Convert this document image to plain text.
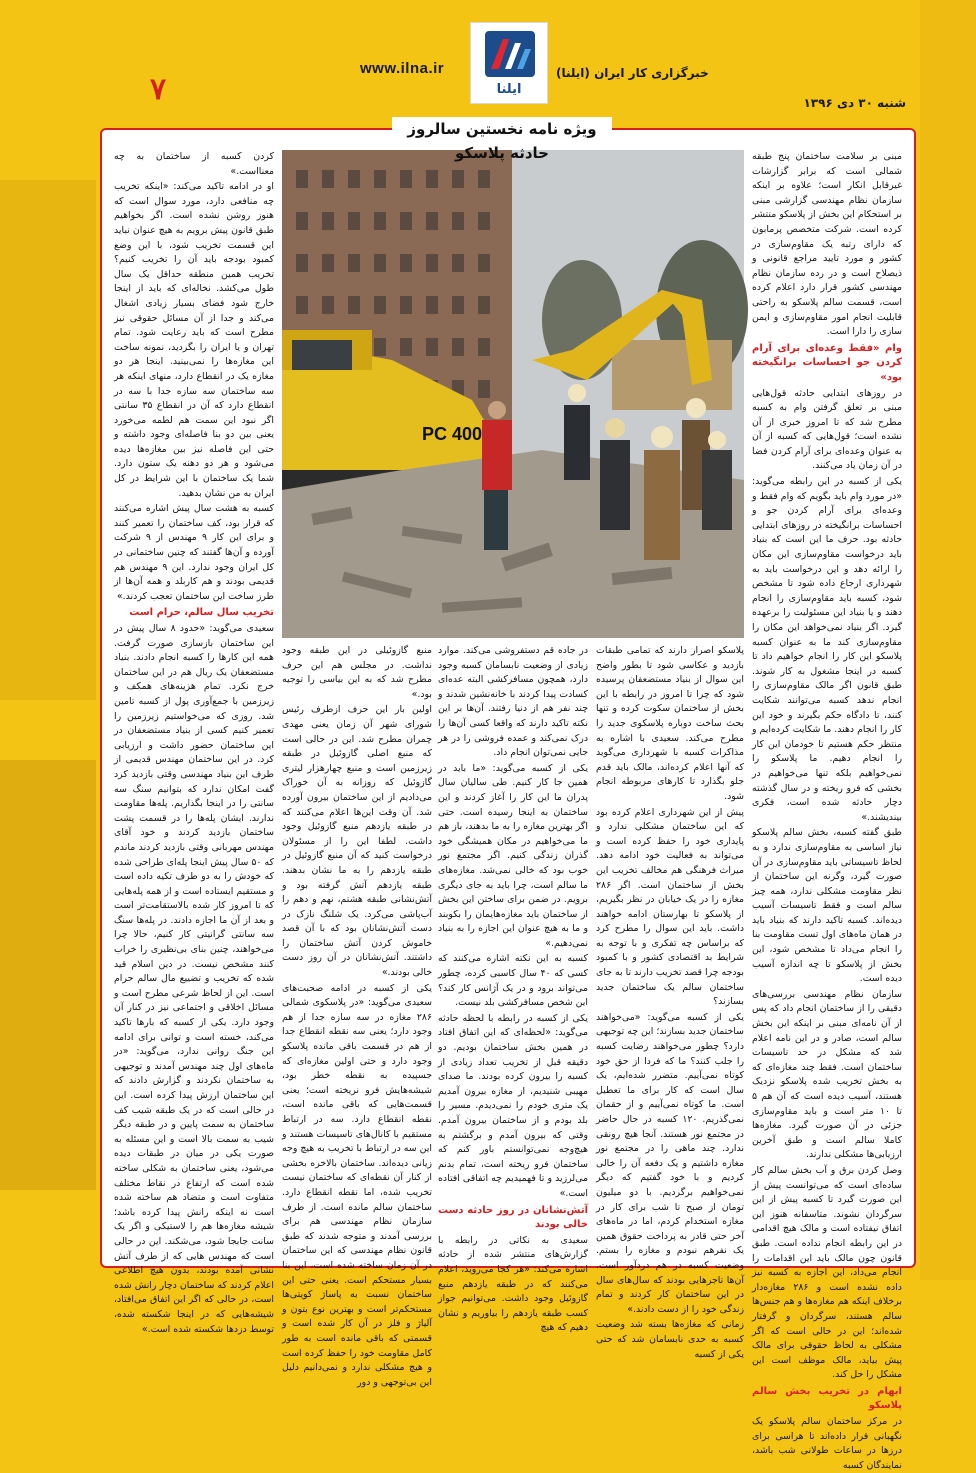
۷
www.ilna.ir
ایلنا
خبرگزاری کار ایران (ایلنا)
شنبه ۳۰ دی ۱۳۹۶
ویژه نامه نخستین سالروز حادثه پلاسکو
PC 400

مبنی بر سلامت ساختمان پنج طبقه شمالی است که برابر گزارشات غیرقابل انکار است؛ علاوه بر اینکه سازمان نظام مهندسی گزارشی مبنی بر استحکام این بخش از پلاسکو منتشر کرده است. شرکت متخصص پرمابون که دارای رتبه یک مقاوم‌سازی در کشور و مورد تایید مراجع قانونی و ذیصلاح است و در رده سازمان نظام مهندسی کشور قرار دارد اعلام کرده است، قسمت سالم پلاسکو به راحتی قابلیت انجام امور مقاوم‌سازی و ایمن سازی را دارا است.

وام «فقط وعده‌ای برای آرام کردن جو احساسات برانگیخته بود»

در روزهای ابتدایی حادثه قول‌هایی مبنی بر تعلق گرفتن وام به کسبه مطرح شد که تا امروز خبری از آن نشده است؛ قول‌هایی که کسبه از آن به عنوان وعده‌ای برای آرام کردن فضا در آن زمان یاد می‌کنند.

یکی از کسبه در این رابطه می‌گوید: «در مورد وام باید بگویم که وام فقط و وعده‌ای برای آرام کردن جو و احساسات برانگیخته در روزهای ابتدایی حادثه بود. حرف ما این است که بنیاد باید درخواست مقاوم‌سازی این مکان را ارائه دهد و این درخواست باید به شهرداری ارجاع داده شود تا مشخص شود، کسبه باید مقاوم‌سازی را انجام دهند و یا بنیاد این مسئولیت را برعهده گیرد. اگر بنیاد نمی‌خواهد این مکان را مقاوم‌سازی کند ما به عنوان کسبه پلاسکو این کار را انجام خواهیم داد تا کسبه در اینجا مشغول به کار شوند. طبق قانون اگر مالک مقاوم‌سازی را انجام ندهد کسبه می‌توانند شکایت کنند، تا دادگاه حکم بگیرند و خود این کار را انجام دهند. ما شکایت کرده‌ایم و منتظر حکم هستیم تا خودمان این کار را انجام دهیم. ما پلاسکو را نمی‌خواهیم بلکه تنها می‌خواهیم در بخشی که فرو ریخته و در سال گذشته دچار حادثه شده است، فکری بیندیشند.»

طبق گفته کسبه، بخش سالم پلاسکو نیاز اساسی به مقاوم‌سازی ندارد و به لحاظ تاسیساتی باید مقاوم‌سازی در آن صورت گیرد، وگرنه این ساختمان از نظر مقاومت مشکلی ندارد، همه چیز سالم است و فقط تاسیسات آسیب دیده‌اند. کسبه تاکید دارند که بنیاد باید در همان ماه‌های اول تست مقاومت بنا را انجام می‌داد تا مشخص شود، این بخش از پلاسکو تا چه اندازه آسیب دیده است.

سازمان نظام مهندسی بررسی‌های دقیقی را از ساختمان انجام داد که پس از آن نامه‌ای مبنی بر اینکه این بخش سالم است، صادر و در این نامه اعلام شد که مشکل در حد تاسیسات ساختمان است. فقط چند مغازه‌ای که به بخش تخریب شده پلاسکو نزدیک هستند، آسیب دیده است که آن هم ۵ تا ۱۰ متر است و باید مقاوم‌سازی جزئی در آن صورت گیرد. مغازه‌ها کاملا سالم است و طبق آخرین ارزیابی‌ها مشکلی ندارند.

وصل کردن برق و آب بخش سالم کار ساده‌ای است که می‌توانست پیش از این صورت گیرد تا کسبه پیش از این سرگردان نشوند. متاسفانه هنوز این اتفاق نیفتاده است و مالک هیچ اقدامی در این رابطه انجام نداده است. طبق قانون چون مالک باید این اقدامات را انجام می‌داد، این اجازه به کسبه نیز داده نشده است و ۲۸۶ مغازه‌دار برخلاف اینکه هم مغازه‌ها و هم جنس‌ها سالم هستند، سرگردان و گرفتار شده‌اند؛ این در حالی است که اگر مشکلی به لحاظ حقوقی برای مالک پیش بیاید، مالک موظف است این مشکل را حل کند.

ابهام در تخریب بخش سالم پلاسکو

در مرکز ساختمان سالم پلاسکو یک نگهبانی قرار داده‌اند تا هراسی برای درزها در ساعات طولانی شب باشد، نمایندگان کسبه

کردن کسبه از ساختمان به چه معنااست.»

او در ادامه تاکید می‌کند: «اینکه تخریب چه منافعی دارد، مورد سوال است که هنوز روشن نشده است. اگر بخواهیم طبق قانون پیش برویم به هیچ عنوان نباید این قسمت تخریب شود، با این وضع کمبود بودجه باید آن را تخریب کنیم؟ تخریب همین منطقه حداقل یک سال طول می‌کشد. نخاله‌ای که باید از اینجا خارج شود فضای بسیار زیادی اشغال می‌کند و جدا از آن مسائل حقوقی نیز مطرح است که باید رعایت شود. تمام تهران و یا ایران را بگردید، نمونه ساخت این مغازه‌ها را نمی‌بینید. اینجا هر دو مغازه یک در انقطاع دارد، منهای اینکه هر سه ساختمان سه سازه جدا با سه در انقطاع دارد که آن در انقطاع ۳۵ سانتی اگر نبود این سمت هم لطمه می‌خورد یعنی بین دو بنا فاصله‌ای وجود داشته و حتی این فاصله نیز بین مغازه‌ها دیده می‌شود و هر دو دهنه یک ستون دارد. شما یک ساختمان با این شرایط در کل ایران به من نشان بدهید.

کسبه به هشت سال پیش اشاره می‌کنند که قرار بود، کف ساختمان را تعمیر کنند و برای این کار ۹ مهندس از ۹ شرکت آورده و آن‌ها گفتند که چنین ساختمانی در کل ایران وجود ندارد. این ۹ مهندس هم قدیمی بودند و هم کاربلد و همه آن‌ها از طرز ساخت این ساختمان تعجب کردند.»

تخریب سال سالم، حرام است

سعیدی می‌گوید: «حدود ۸ سال پیش در این ساختمان بازسازی صورت گرفت. همه این کارها را کسبه انجام دادند. بنیاد مستضعفان یک ریال هم در این ساختمان خرج نکرد. تمام هزینه‌های همکف و زیرزمین با جمع‌آوری پول از کسبه تامین شد. روزی که می‌خواستیم زیرزمین را تعمیر کنیم کسی از بنیاد مستضعفان در این ساختمان حضور داشت و ارزیابی کرد. در این ساختمان مهندس قدیمی از طرف این بنیاد مهندسی وقتی بازدید کرد گفت امکان ندارد که بتوانیم سنگ سه سانتی را در اینجا بگذاریم. پله‌ها مقاومت ندارند. ایشان پله‌ها را در قسمت پشت ساختمان بازدید کردند و خود آقای مهندس مهربانی وقتی بازدید کردند ماندم که ۵۰ سال پیش اینجا پله‌ای طراحی شده که خودش را به دو طرف تکیه داده است و مستقیم ایستاده است و از همه پله‌هایی که تا امروز کار شده بالاستقامت‌تر است و بعد از آن ما اجازه دادند. در پله‌ها سنگ سه سانتی گرانیتی کار کنیم، حالا چرا می‌خواهند، چنین بنای بی‌نظیری را خراب کنند مشخص نیست. در دین اسلام قید شده که تخریب و تضییع مال سالم حرام است. این از لحاظ شرعی مطرح است و مسائل اخلاقی و اجتماعی نیز در کنار آن وجود دارد. یکی از کسبه که بار‌ها تاکید می‌کند، خسته است و توانی برای ادامه این جنگ روانی ندارد، می‌گوید: «در ماه‌های اول چند مهندس آمدند و توجیهی به ساختمان نکردند و گزارش دادند که این ساختمان ارزش پیدا کرده است. این در حالی است که در یک طبقه شیب کف ساختمان به سمت پایین و در طبقه دیگر شیب به سمت بالا است و این مسئله به صورت یکی در میان در طبقات دیده می‌شود، یعنی ساختمان به شکلی ساخته شده است که ارتفاع در نقاط مختلف متفاوت است و متضاد هم ساخته شده است نه اینکه رانش پیدا کرده باشد؛ شیشه مغازه‌ها هم را لاستیکی و اگر یک سانت جابجا شود، می‌شکند. این در حالی است که مهندس هایی که از طرف آتش نشانی آمده بودند، بدون هیچ اطلاعی اعلام کردند که ساختمان دچار رانش شده است، در حالی که اگر این اتفاق می‌افتاد، شیشه‌هایی که در اینجا شکسته شده، توسط دزدها شکسته شده است.»

پلاسکو اصرار دارند که تمامی طبقات بازدید و عکاسی شود تا بطور واضح این سوال از بنیاد مستضعفان پرسیده شود که چرا تا امروز در رابطه با این بخش از ساختمان سکوت کرده و تنها بحث ساخت دوباره پلاسکوی جدید را مطرح می‌کند. سعیدی با اشاره به مذاکرات کسبه با شهرداری می‌گوید که آنها اعلام کرده‌اند، مالک باید قدم جلو بگذارد تا کارهای مربوطه انجام شود.

پیش از این شهرداری اعلام کرده بود که این ساختمان مشکلی ندارد و پایداری خود را حفظ کرده است و می‌تواند به فعالیت خود ادامه دهد. میراث فرهنگی هم مخالف تخریب این بخش از ساختمان است. اگر ۲۸۶ مغازه را در یک خیابان در نظر بگیریم، از پلاسکو تا بهارستان ادامه خواهند داشت. باید این سوال را مطرح کرد که براساس چه تفکری و با توجه به شرایط بد اقتصادی کشور و با کمبود بودجه چرا قصد تخریب دارند تا به جای ساختمان سالم یک ساختمان جدید بسازند؟

یکی از کسبه می‌گوید: «می‌خواهند ساختمان جدید بسازند؛ این چه توجیهی دارد؟ چطور می‌خواهند رضایت کسبه را جلب کنند؟ ما که فردا از حق خود کوتاه نمی‌آییم. متضرر شده‌ایم، یک سال است که کار برای ما تعطیل است. ما کوتاه نمی‌آییم و از حقمان نمی‌گذریم. ۱۲۰ کسبه در حال حاضر در مجتمع نور هستند. آنجا هیچ رونقی ندارد. چند ماهی را در مجتمع نور مغازه داشتیم و یک دفعه آن را خالی کردیم و با خود گفتیم که دیگر نمی‌خواهیم برگردیم. با دو میلیون تومان از صبح تا شب برای کار در مغازه استخدام کردم، اما در ماه‌های آخر حتی قادر به پرداخت حقوق همین یک نفرهم نبودم و مغازه را بستم. وضعیت کسبه در هم دردآور است. آن‌ها تاجرهایی بودند که سال‌های سال در این ساختمان کار کردند و تمام زندگی خود را از دست دادند.»

زمانی که مغازه‌ها بسته شد وضعیت کسبه به حدی نابسامان شد که حتی یکی از کسبه

در جاده قم دستفروشی می‌کند. موارد زیادی از وضعیت نابسامان کسبه وجود دارد، همچون مسافرکشی البته عده‌ای کسادت پیدا کردند با خانه‌نشین شدند و چند نفر هم از دنیا رفتند. آن‌ها بر این نکته تاکید دارند که واقعا کسی آن‌ها را درک نمی‌کند و عمده فروشی را در هر جایی نمی‌توان انجام داد.

یکی از کسبه می‌گوید: «ما باید در همین جا کار کنیم. طی سالیان سال پدران ما این کار را آغاز کردند و این ساختمان به اینجا رسیده است. حتی اگر بهترین مغازه را به ما بدهند، باز هم ما می‌خواهیم در مکان همیشگی خود گذران زندگی کنیم. اگر مجتمع نور خوب بود که خالی نمی‌شد. مغازه‌های ما سالم است، چرا باید به جای دیگری برویم. در ضمن برای ساختن این بخش از ساختمان باید مغازه‌هایمان را بکوبند و ما به هیچ عنوان این اجازه را به بنیاد نمی‌دهیم.»

کسبه به این نکته اشاره می‌کنند که کسی که ۴۰ سال کاسبی کرده، چطور می‌تواند برود و در یک آژانس کار کند؟ این شخص مسافرکشی بلد نیست.

یکی از کسبه در رابطه با لحظه حادثه می‌گوید: «لحظه‌ای که این اتفاق افتاد در همین بخش ساختمان بودیم. دو دقیقه قبل از تخریب تعداد زیادی از کسبه را بیرون کرده بودند. ما صدای مهیبی شنیدیم، از مغازه بیرون آمدیم یک متری خودم را نمی‌دیدم. مسیر را بلد بودم و از ساختمان بیرون آمدم. وقتی که بیرون آمدم و برگشتم به هیچ‌وجه نمی‌توانستم باور کنم که ساختمان فرو ریخته است، تمام بدنم می‌لرزید و تا فهمیدیم چه اتفاقی افتاده است.»

آتش‌نشانان در روز حادثه دست خالی بودند

سعیدی به نکاتی در رابطه با گزارش‌های منتشر شده از حادثه اشاره می‌کند: «هر کجا می‌روید، اعلام می‌کنند که در طبقه یازدهم منبع گازوئیل وجود داشت. می‌توانیم جواز کسب طبقه یازدهم را بیاوریم و نشان دهیم که هیچ

منبع گازوئیلی در این طبقه وجود نداشت. در مجلس هم این حرف مطرح شد که به این بیاسی را توجیه بود.»

اولین بار این حرف ازطرف رئیس شورای شهر آن زمان یعنی مهدی چمران مطرح شد. این در حالی است که منبع اصلی گازوئیل در طبقه زیرزمین است و منبع چهارهزار لیتری گازوئیل که روزانه به آن خوراک می‌دادیم از این ساختمان بیرون آورده شد. آن وقت این‌ها اعلام می‌کنند که در طبقه یازدهم منبع گازوئیل وجود داشت. لطفا این را از مسئولان درخواست کنید که آن منبع گازوئیل در طبقه یازدهم را به ما نشان بدهند. طبقه یازدهم آتش گرفته بود و آتش‌نشانی طبقه هشتم، نهم و دهم را آب‌پاشی می‌کرد. یک ‌شلنگ نازک در دست آتش‌نشانان بود که با آن قصد خاموش کردن آتش ساختمان را داشتند. آتش‌نشانان در آن روز دست خالی بودند.»

یکی از کسبه در ادامه صحبت‌های سعیدی می‌گوید: «در پلاسکوی شمالی ۲۸۶ مغازه در سه سازه جدا از هم وجود دارد؛ یعنی سه نقطه انقطاع جدا از هم در قسمت باقی مانده پلاسکو وجود دارد و حتی اولین مغازه‌ای که جسپیده به نقطه خطر بود، شیشه‌هایش فرو نریخته است؛ یعنی قسمت‌هایی که باقی مانده است، نقطه انقطاع دارد. سه در ارتباط مستقیم با کانال‌های تاسیسات هستند و این سه در ارتباط با تخریب به هیچ وجه زیانی دیده‌اند. ساختمان بالاخره بخشی از کنار آن نقطه‌ای که ساختمان نیست تخریب شده، اما نقطه انقطاع دارد. ساختمان سالم مانده است. از طرف سازمان نظام مهندسی هم برای بررسی آمدند و متوجه شدند که طبق قانون نظام مهندسی که این ساختمان در آن زمان ساخته شده است، این بنا بسیار مستحکم است. یعنی حتی این ساختمان نسبت به پاساژ کویتی‌ها مستحکم‌تر است و بهترین نوع بتون و آلیاژ و فلز در آن کار شده است و قسمتی که باقی مانده است به طور کامل مقاومت خود را حفظ کرده است و هیچ مشکلی ندارد و نمی‌دانیم دلیل این بی‌توجهی و دور
